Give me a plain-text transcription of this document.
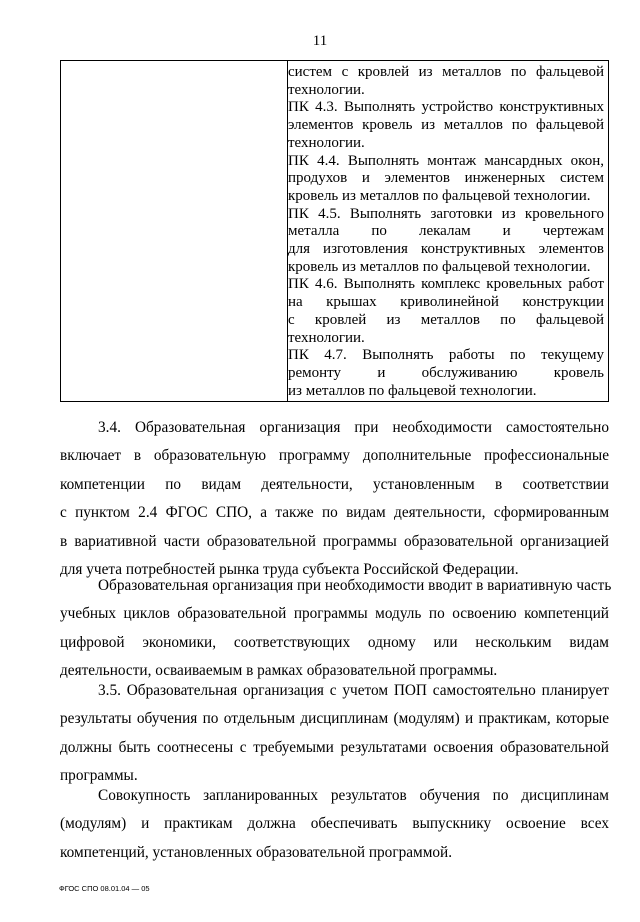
11
систем с кровлей из металлов по фальцевой
технологии.
ПК 4.3. Выполнять устройство конструктивных
элементов кровель из металлов по фальцевой
технологии.
ПК 4.4. Выполнять монтаж мансардных окон,
продухов и элементов инженерных систем
кровель из металлов по фальцевой технологии.
ПК 4.5. Выполнять заготовки из кровельного
металла по лекалам и чертежам
для изготовления конструктивных элементов
кровель из металлов по фальцевой технологии.
ПК 4.6. Выполнять комплекс кровельных работ
на крышах криволинейной конструкции
с кровлей из металлов по фальцевой
технологии.
ПК 4.7. Выполнять работы по текущему
ремонту и обслуживанию кровель
из металлов по фальцевой технологии.
3.4. Образовательная организация при необходимости самостоятельно
включает в образовательную программу дополнительные профессиональные
компетенции по видам деятельности, установленным в соответствии
с пунктом 2.4 ФГОС СПО, а также по видам деятельности, сформированным
в вариативной части образовательной программы образовательной организацией
для учета потребностей рынка труда субъекта Российской Федерации.
Образовательная организация при необходимости вводит в вариативную часть
учебных циклов образовательной программы модуль по освоению компетенций
цифровой экономики, соответствующих одному или нескольким видам
деятельности, осваиваемым в рамках образовательной программы.
3.5. Образовательная организация с учетом ПОП самостоятельно планирует
результаты обучения по отдельным дисциплинам (модулям) и практикам, которые
должны быть соотнесены с требуемыми результатами освоения образовательной
программы.
Совокупность запланированных результатов обучения по дисциплинам
(модулям) и практикам должна обеспечивать выпускнику освоение всех
компетенций, установленных образовательной программой.
ФГОС СПО 08.01.04 — 05
